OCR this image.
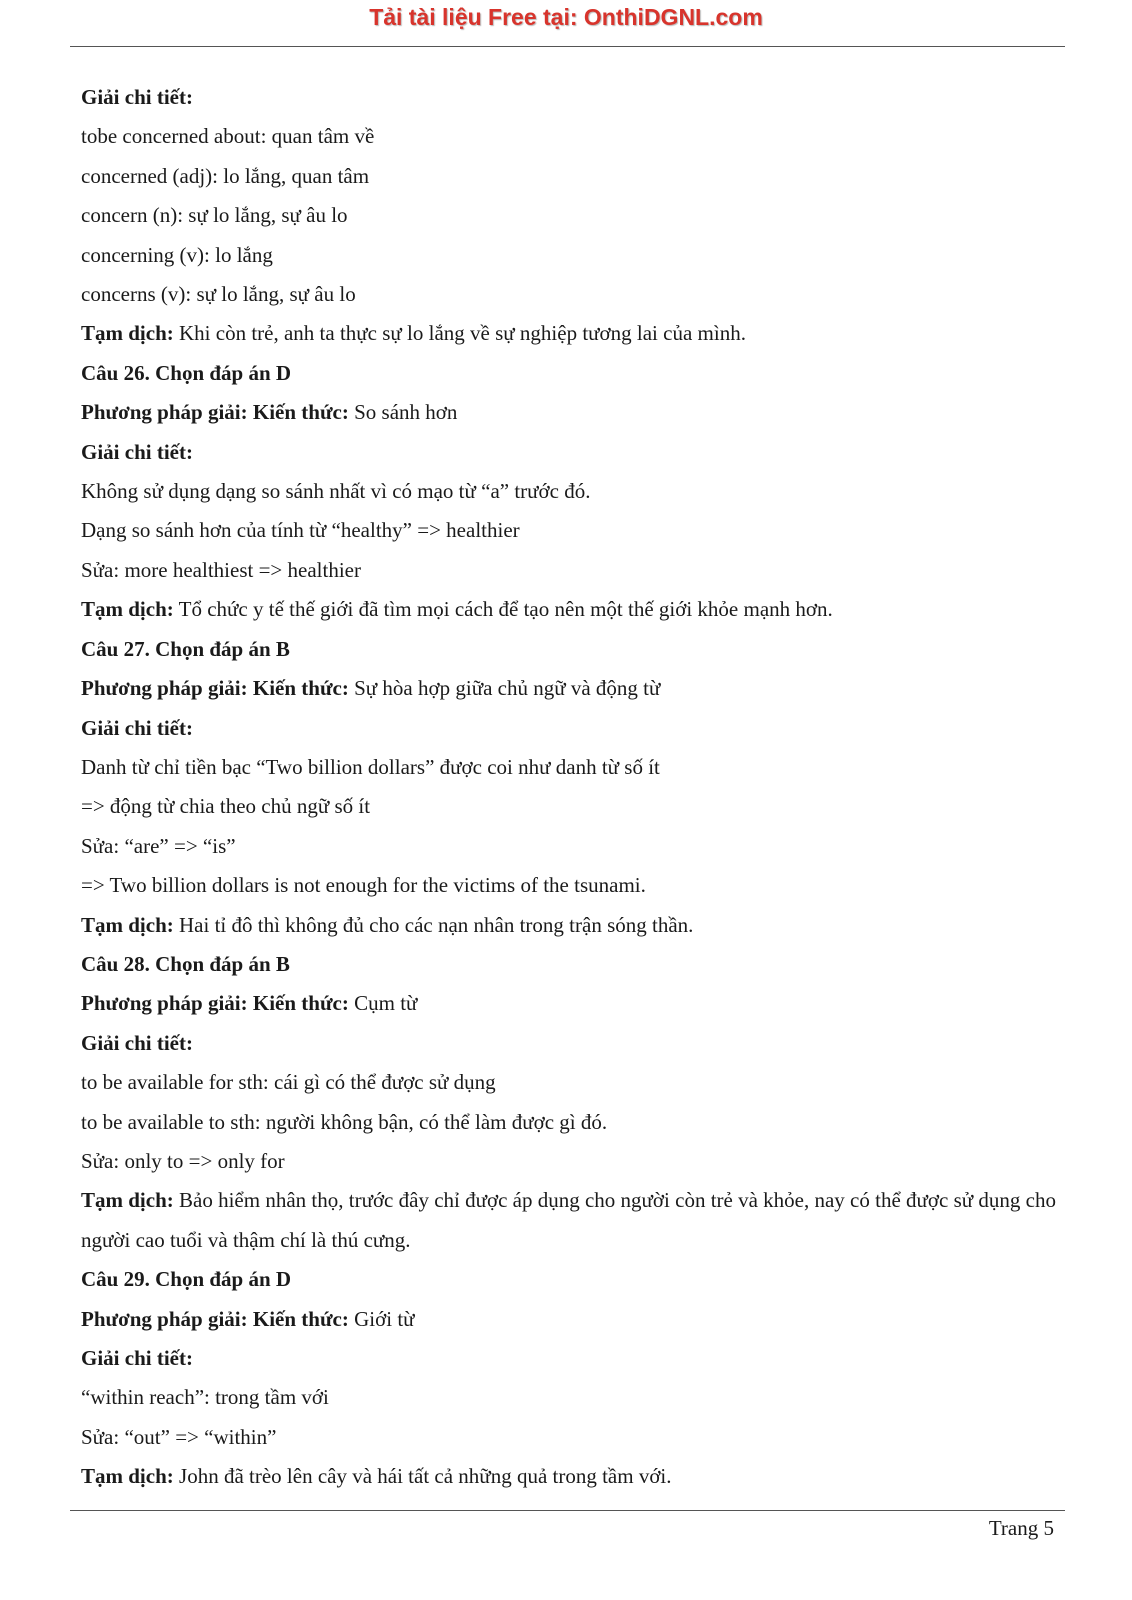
Tải tài liệu Free tại: OnthiDGNL.com

Giải chi tiết:

tobe concerned about: quan tâm về

concerned (adj): lo lắng, quan tâm

concern (n): sự lo lắng, sự âu lo

concerning (v): lo lắng

concerns (v): sự lo lắng, sự âu lo

Tạm dịch: Khi còn trẻ, anh ta thực sự lo lắng về sự nghiệp tương lai của mình.

Câu 26. Chọn đáp án D

Phương pháp giải: Kiến thức: So sánh hơn

Giải chi tiết:

Không sử dụng dạng so sánh nhất vì có mạo từ “a” trước đó.

Dạng so sánh hơn của tính từ “healthy” => healthier

Sửa: more healthiest => healthier

Tạm dịch: Tổ chức y tế thế giới đã tìm mọi cách để tạo nên một thế giới khỏe mạnh hơn.

Câu 27. Chọn đáp án B

Phương pháp giải: Kiến thức: Sự hòa hợp giữa chủ ngữ và động từ

Giải chi tiết:

Danh từ chỉ tiền bạc “Two billion dollars” được coi như danh từ số ít

=> động từ chia theo chủ ngữ số ít

Sửa: “are” => “is”

=> Two billion dollars is not enough for the victims of the tsunami.

Tạm dịch: Hai tỉ đô thì không đủ cho các nạn nhân trong trận sóng thần.

Câu 28. Chọn đáp án B

Phương pháp giải: Kiến thức: Cụm từ

Giải chi tiết:

to be available for sth: cái gì có thể được sử dụng

to be available to sth: người không bận, có thể làm được gì đó.

Sửa: only to => only for

Tạm dịch: Bảo hiểm nhân thọ, trước đây chỉ được áp dụng cho người còn trẻ và khỏe, nay có thể được sử dụng cho người cao tuổi và thậm chí là thú cưng.

Câu 29. Chọn đáp án D

Phương pháp giải: Kiến thức: Giới từ

Giải chi tiết:

“within reach”: trong tầm với

Sửa: “out” => “within”

Tạm dịch: John đã trèo lên cây và hái tất cả những quả trong tầm với.

Trang 5
